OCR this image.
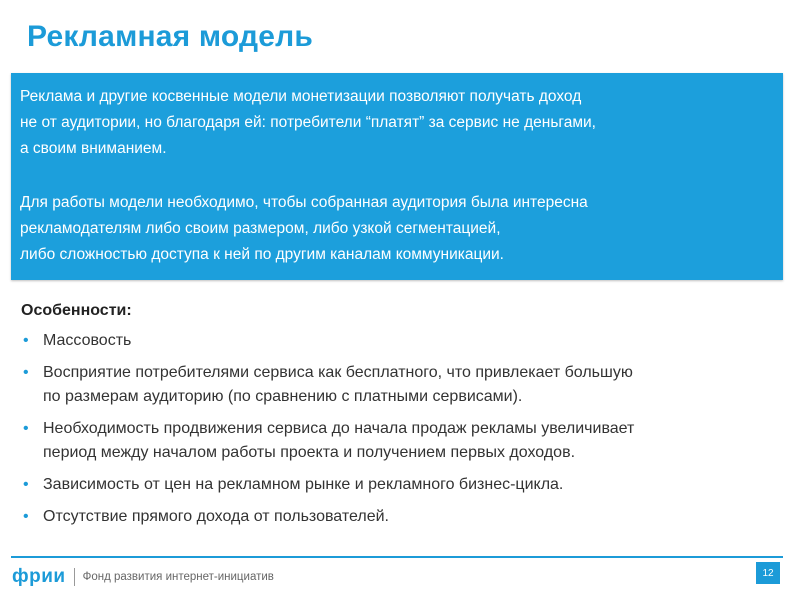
Рекламная модель

Реклама и другие косвенные модели монетизации позволяют получать доход
не от аудитории, но благодаря ей: потребители “платят” за сервис не деньгами,
а своим вниманием.

Для работы модели необходимо, чтобы собранная аудитория была интересна
рекламодателям либо своим размером, либо узкой сегментацией,
либо сложностью доступа к ней по другим каналам коммуникации.

Особенности:
• Массовость
• Восприятие потребителями сервиса как бесплатного, что привлекает большую
по размерам аудиторию (по сравнению с платными сервисами).
• Необходимость продвижения сервиса до начала продаж рекламы увеличивает
период между началом работы проекта и получением первых доходов.
• Зависимость от цен на рекламном рынке и рекламного бизнес-цикла.
• Отсутствие прямого дохода от пользователей.
фрии Фонд развития интернет-инициатив	12
